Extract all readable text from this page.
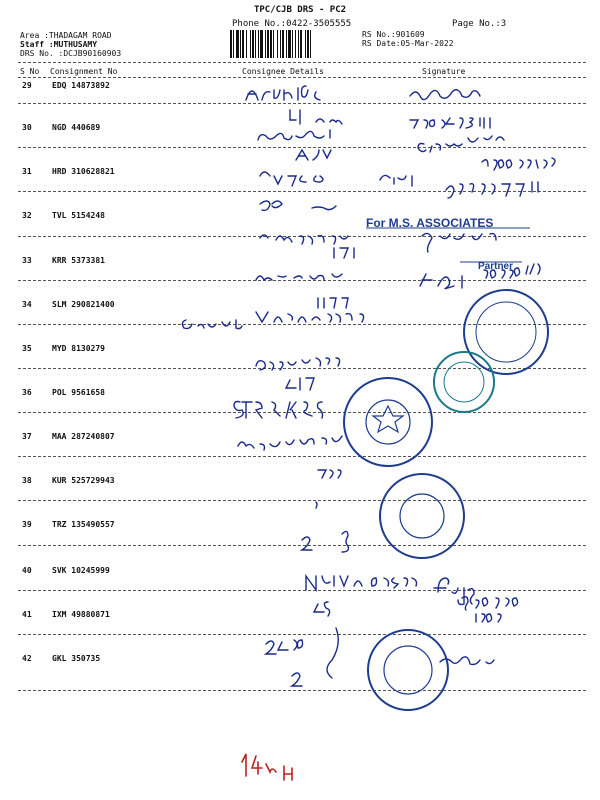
TPC/CJB DRS - PC2
Phone No.:0422-3505555	Page No.:3
Area :THADAGAM ROAD
Staff :MUTHUSAMY
DRS No. :DCJB90160903
RS No.:901609
RS Date:05-Mar-2022
S No Consignment No	Consignee Details	Signature
29	EDQ 14873892
30	NGD 440689
31	HRD 310628821
32	TVL 5154248
33	KRR 5373381
34	SLM 290821400
35	MYD 8130279
36	POL 9561658
37	MAA 287240807
38	KUR 525729943
39	TRZ 135490557
40	SVK 10245999
41	IXM 49880871
42	GKL 350735
For M.S. ASSOCIATES
Partner
